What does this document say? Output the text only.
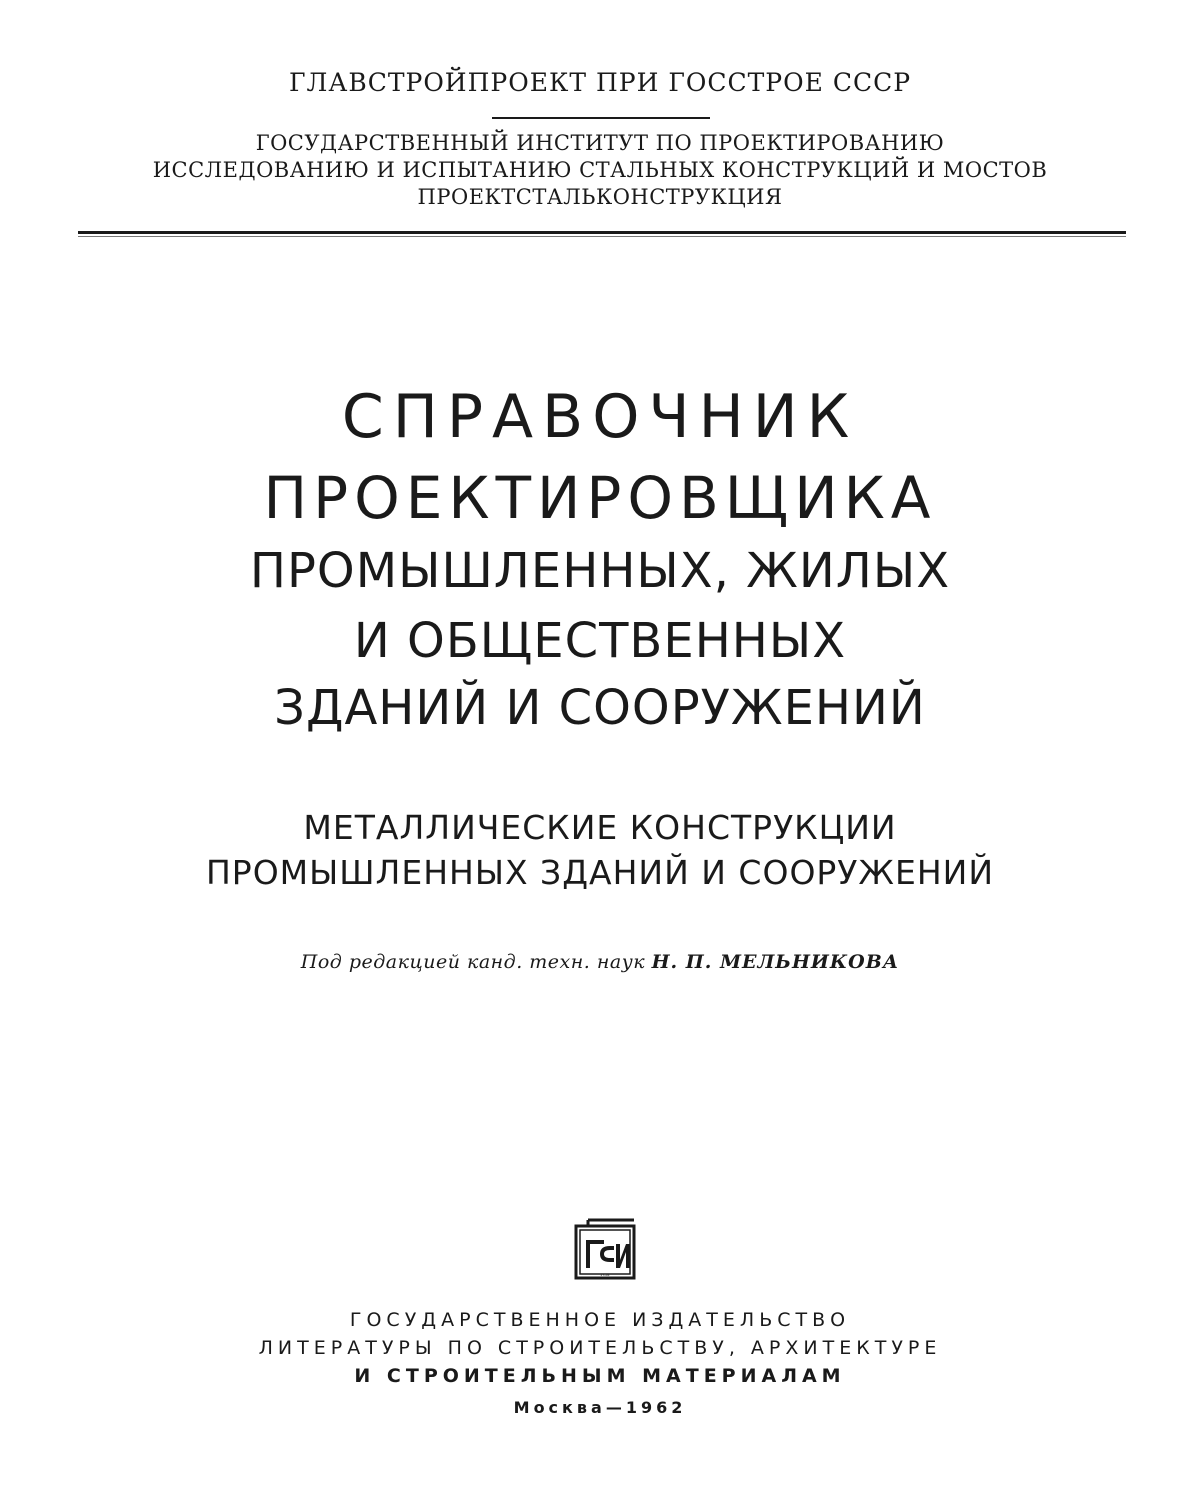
ГЛАВСТРОЙПРОЕКТ ПРИ ГОССТРОЕ СССР
ГОСУДАРСТВЕННЫЙ ИНСТИТУТ ПО ПРОЕКТИРОВАНИЮ
ИССЛЕДОВАНИЮ И ИСПЫТАНИЮ СТАЛЬНЫХ КОНСТРУКЦИЙ И МОСТОВ
ПРОЕКТСТАЛЬКОНСТРУКЦИЯ
СПРАВОЧНИК
ПРОЕКТИРОВЩИКА
ПРОМЫШЛЕННЫХ, ЖИЛЫХ
И ОБЩЕСТВЕННЫХ
ЗДАНИЙ И СООРУЖЕНИЙ
МЕТАЛЛИЧЕСКИЕ КОНСТРУКЦИИ
ПРОМЫШЛЕННЫХ ЗДАНИЙ И СООРУЖЕНИЙ
Под редакцией канд. техн. наук Н. П. МЕЛЬНИКОВА
ГСИ
ГОСУДАРСТВЕННОЕ ИЗДАТЕЛЬСТВО
ЛИТЕРАТУРЫ ПО СТРОИТЕЛЬСТВУ, АРХИТЕКТУРЕ
И СТРОИТЕЛЬНЫМ МАТЕРИАЛАМ
Москва—1962
